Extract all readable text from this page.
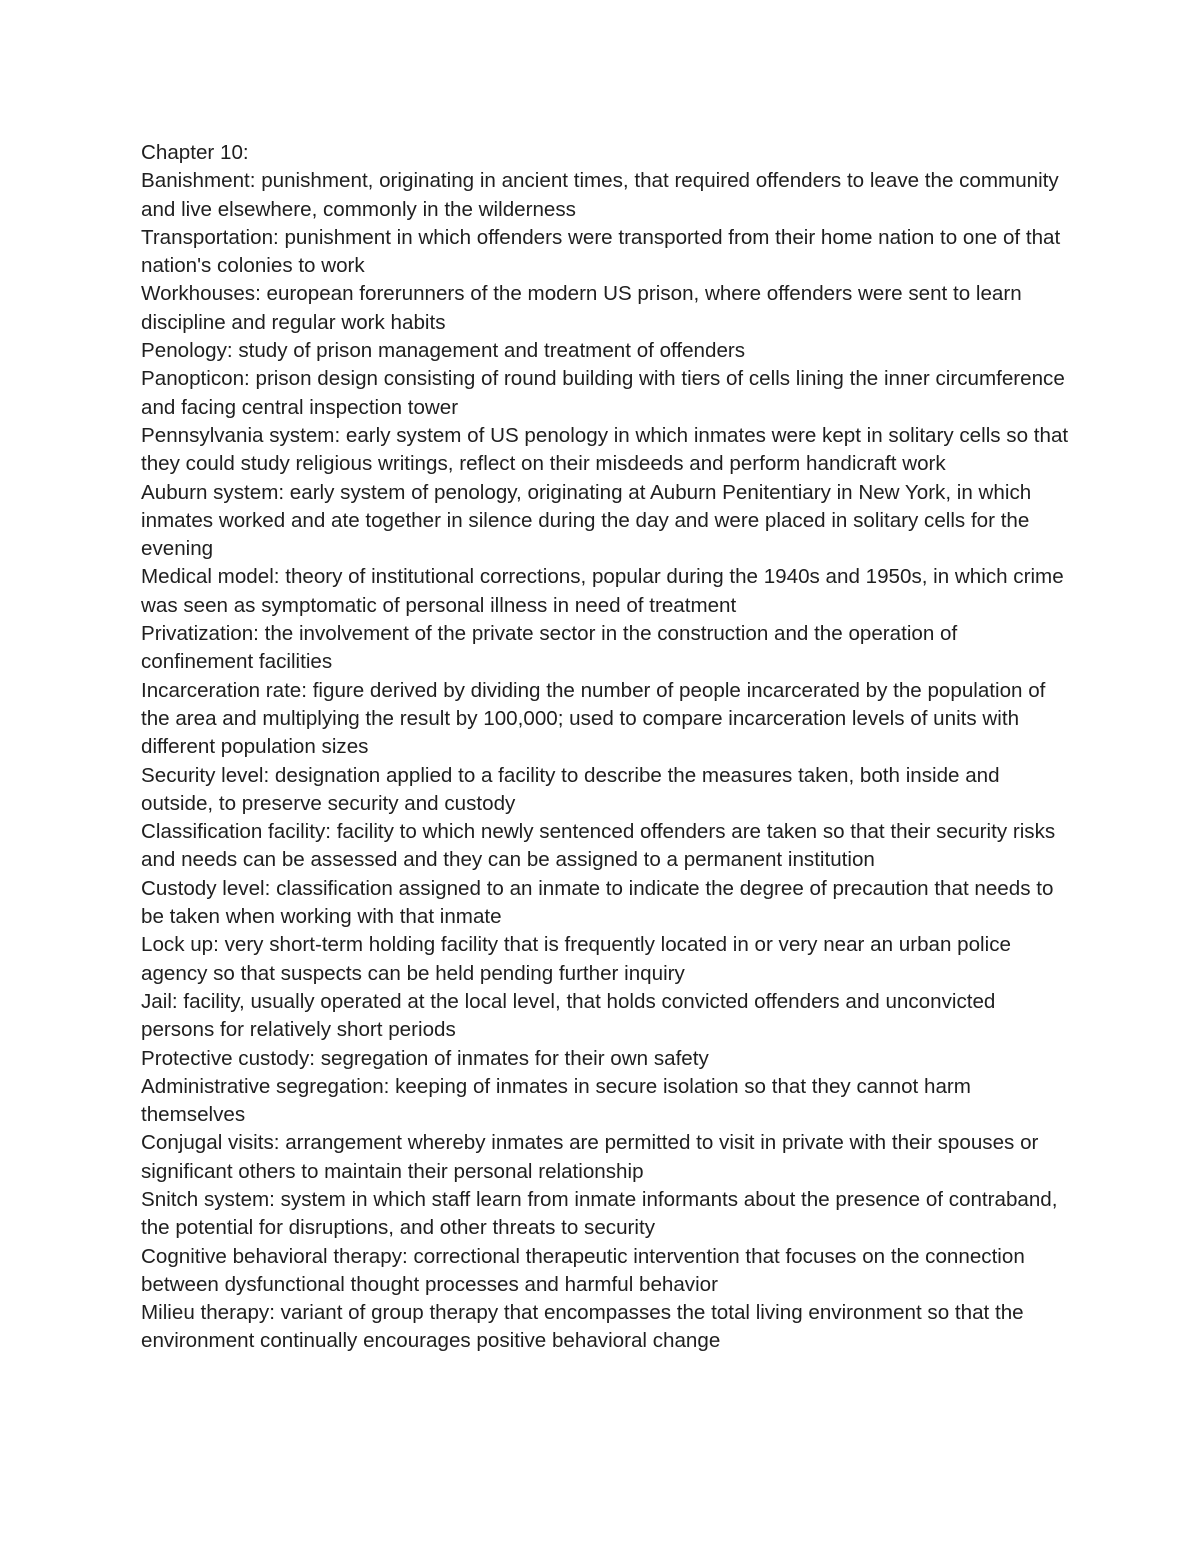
Chapter 10:

Banishment: punishment, originating in ancient times, that required offenders to leave the community and live elsewhere, commonly in the wilderness

Transportation: punishment in which offenders were transported from their home nation to one of that nation's colonies to work

Workhouses: european forerunners of the modern US prison, where offenders were sent to learn discipline and regular work habits

Penology: study of prison management and treatment of offenders

Panopticon: prison design consisting of round building with tiers of cells lining the inner circumference and facing central inspection tower

Pennsylvania system: early system of US penology in which inmates were kept in solitary cells so that they could study religious writings, reflect on their misdeeds and perform handicraft work

Auburn system: early system of penology, originating at Auburn Penitentiary in New York, in which inmates worked and ate together in silence during the day and were placed in solitary cells for the evening

Medical model: theory of institutional corrections, popular during the 1940s and 1950s, in which crime was seen as symptomatic of personal illness in need of treatment

Privatization: the involvement of the private sector in the construction and the operation of confinement facilities

Incarceration rate: figure derived by dividing the number of people incarcerated by the population of the area and multiplying the result by 100,000; used to compare incarceration levels of units with different population sizes

Security level: designation applied to a facility to describe the measures taken, both inside and outside, to preserve security and custody

Classification facility: facility to which newly sentenced offenders are taken so that their security risks and needs can be assessed and they can be assigned to a permanent institution

Custody level: classification assigned to an inmate to indicate the degree of precaution that needs to be taken when working with that inmate

Lock up: very short-term holding facility that is frequently located in or very near an urban police agency so that suspects can be held pending further inquiry

Jail: facility, usually operated at the local level, that holds convicted offenders and unconvicted persons for relatively short periods

Protective custody: segregation of inmates for their own safety

Administrative segregation: keeping of inmates in secure isolation so that they cannot harm themselves

Conjugal visits: arrangement whereby inmates are permitted to visit in private with their spouses or significant others to maintain their personal relationship

Snitch system: system in which staff learn from inmate informants about the presence of contraband, the potential for disruptions, and other threats to security

Cognitive behavioral therapy: correctional therapeutic intervention that focuses on the connection between dysfunctional thought processes and harmful behavior

Milieu therapy: variant of group therapy that encompasses the total living environment so that the environment continually encourages positive behavioral change
